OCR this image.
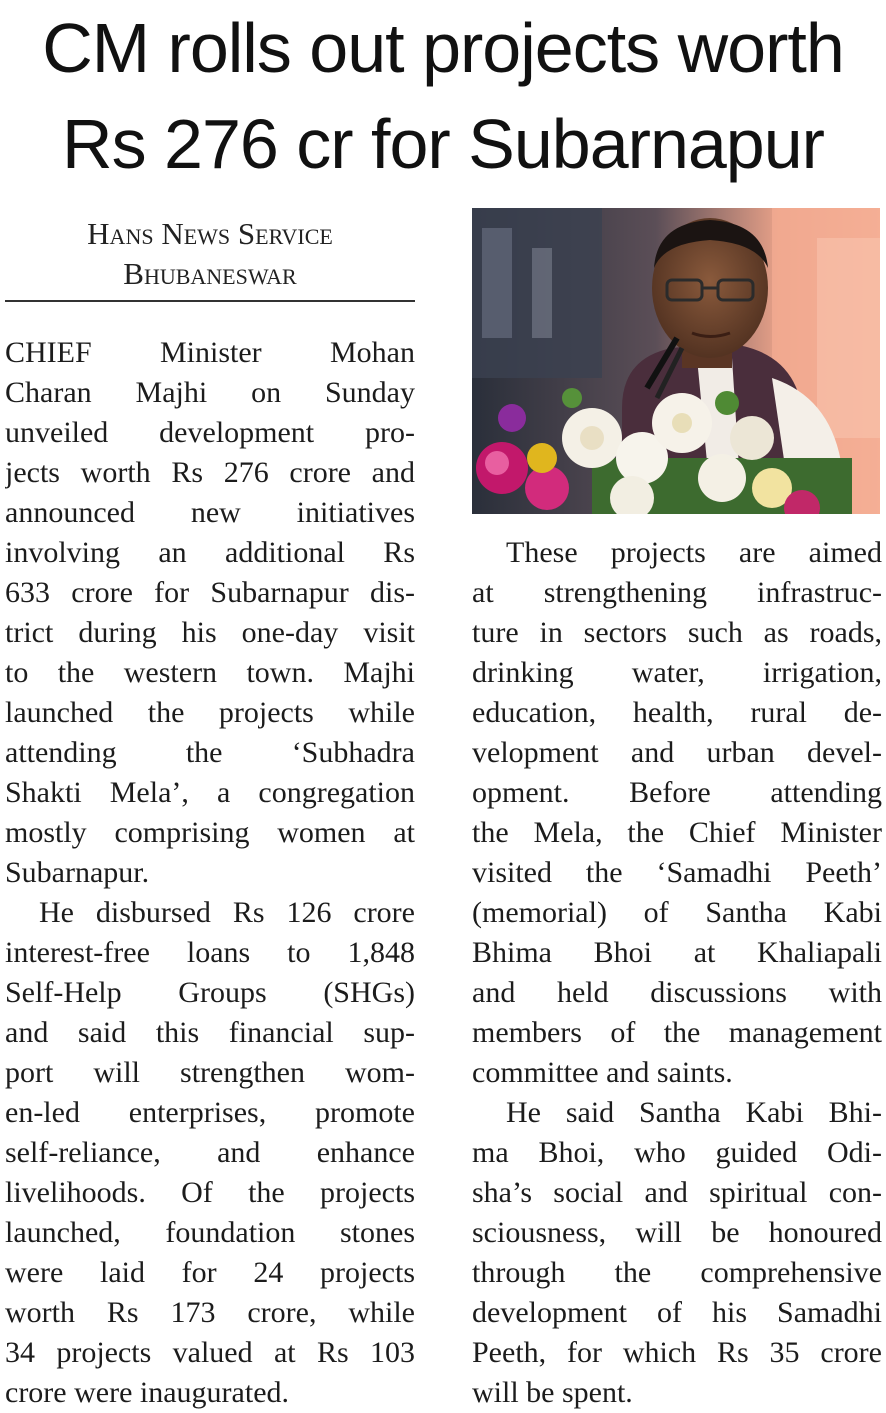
CM rolls out projects worth
Rs 276 cr for Subarnapur
Hans News Service
Bhubaneswar

CHIEF Minister Mohan
Charan Majhi on Sunday
unveiled development pro-
jects worth Rs 276 crore and
announced new initiatives
involving an additional Rs
633 crore for Subarnapur dis-
trict during his one-day visit
to the western town. Majhi
launched the projects while
attending the ‘Subhadra
Shakti Mela’, a congregation
mostly comprising women at
Subarnapur.

He disbursed Rs 126 crore
interest-free loans to 1,848
Self-Help Groups (SHGs)
and said this financial sup-
port will strengthen wom-
en-led enterprises, promote
self-reliance, and enhance
livelihoods. Of the projects
launched, foundation stones
were laid for 24 projects
worth Rs 173 crore, while
34 projects valued at Rs 103
crore were inaugurated.

These projects are aimed
at strengthening infrastruc-
ture in sectors such as roads,
drinking water, irrigation,
education, health, rural de-
velopment and urban devel-
opment. Before attending
the Mela, the Chief Minister
visited the ‘Samadhi Peeth’
(memorial) of Santha Kabi
Bhima Bhoi at Khaliapali
and held discussions with
members of the management
committee and saints.

He said Santha Kabi Bhi-
ma Bhoi, who guided Odi-
sha’s social and spiritual con-
sciousness, will be honoured
through the comprehensive
development of his Samadhi
Peeth, for which Rs 35 crore
will be spent.
